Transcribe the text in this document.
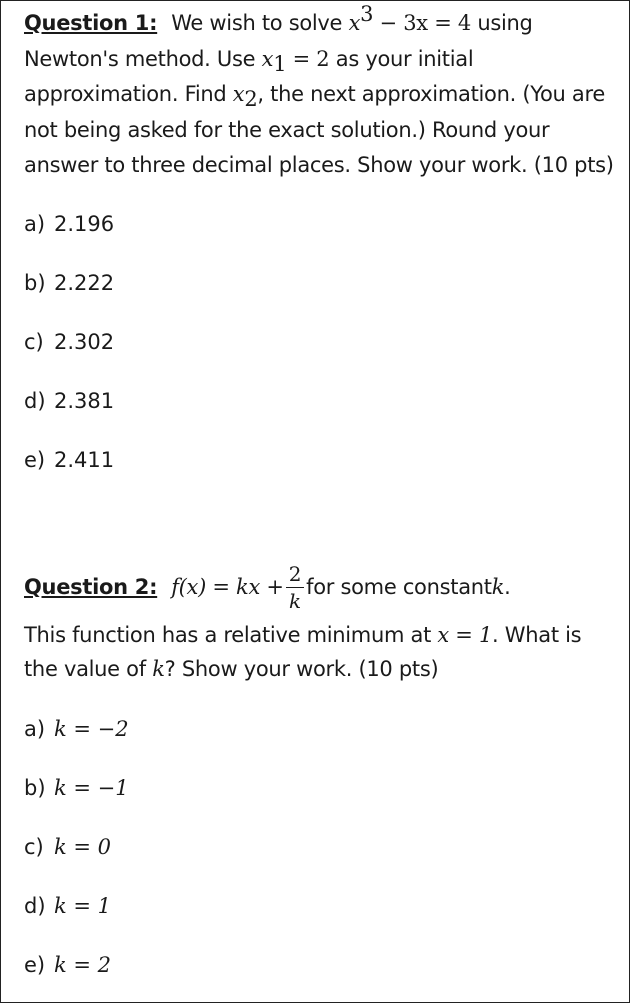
Question 1: We wish to solve $x^3 - 3x = 4$ using Newton's method. Use $x_1 = 2$ as your initial approximation. Find $x_2$, the next approximation. (You are not being asked for the exact solution.) Round your answer to three decimal places. Show your work. (10 pts)
a) 2.196
b) 2.222
c) 2.302
d) 2.381
e) 2.411
Question 2: f(x) = kx + $\frac{2}{k}$ for some constant k .
This function has a relative minimum at x = 1. What is the value of k? Show your work. (10 pts)
a) k = −2
b) k = −1
c) k = 0
d) k = 1
e) k = 2
